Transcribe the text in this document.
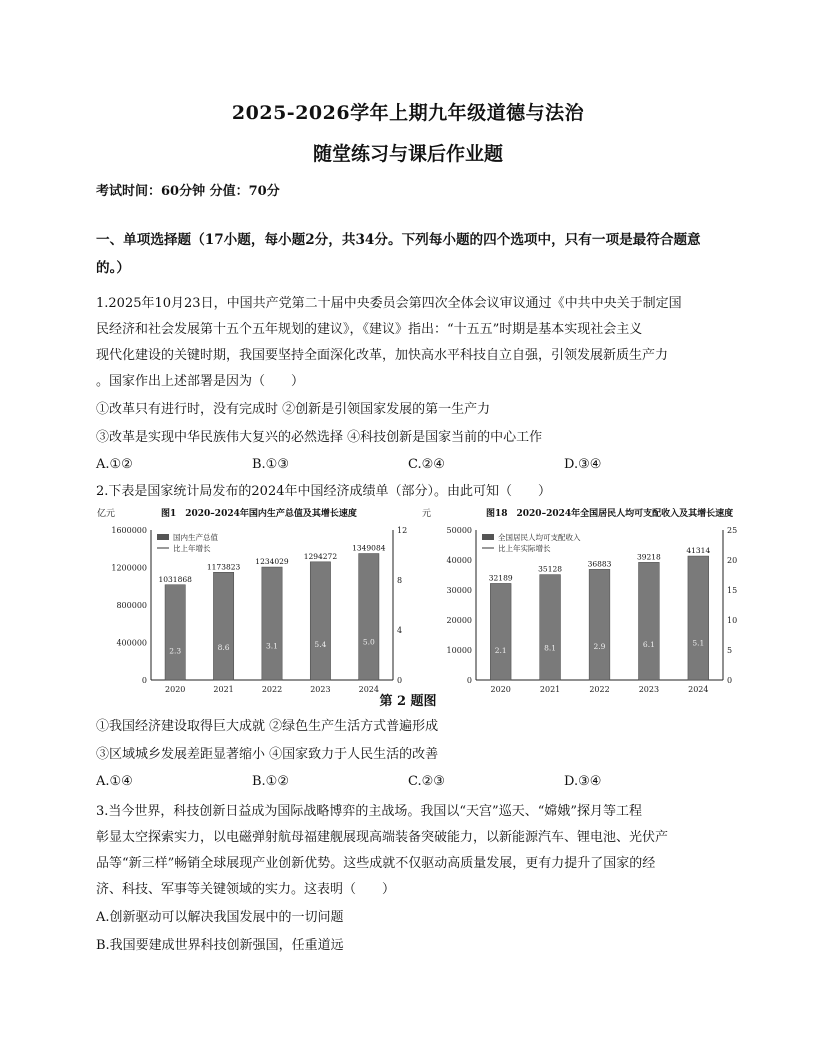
2025-2026学年上期九年级道德与法治
随堂练习与课后作业题
考试时间：60分钟 分值：70分
一、单项选择题（17小题，每小题2分，共34分。下列每小题的四个选项中，只有一项是最符合题意的。）
1.2025年10月23日，中国共产党第二十届中央委员会第四次全体会议审议通过《中共中央关于制定国
民经济和社会发展第十五个五年规划的建议》，《建议》指出：“十五五”时期是基本实现社会主义
现代化建设的关键时期，我国要坚持全面深化改革，加快高水平科技自立自强，引领发展新质生产力
。国家作出上述部署是因为（　　）
①改革只有进行时，没有完成时 ②创新是引领国家发展的第一生产力
③改革是实现中华民族伟大复兴的必然选择 ④科技创新是国家当前的中心工作
A.①②	B.①③	C.②④	D.③④
2.下表是国家统计局发布的2024年中国经济成绩单（部分）。由此可知（　　）
图1　2020–2024年国内生产总值及其增长速度
亿元
国内生产总值
比上年增长
0
400000
800000
1200000
1600000
0
4
8
12
1031868
2.3
2020
1173823
8.6
2021
1234029
3.1
2022
1294272
5.4
2023
1349084
5.0
2024
图18　2020–2024年全国居民人均可支配收入及其增长速度
元
全国居民人均可支配收入
比上年实际增长
0
10000
20000
30000
40000
50000
0
5
10
15
20
25
32189
2.1
2020
35128
8.1
2021
36883
2.9
2022
39218
6.1
2023
41314
5.1
2024
第 2 题图
①我国经济建设取得巨大成就 ②绿色生产生活方式普遍形成
③区域城乡发展差距显著缩小 ④国家致力于人民生活的改善
A.①④	B.①②	C.②③	D.③④
3.当今世界，科技创新日益成为国际战略博弈的主战场。我国以“天宫”巡天、“嫦娥”探月等工程
彰显太空探索实力，以电磁弹射航母福建舰展现高端装备突破能力，以新能源汽车、锂电池、光伏产
品等“新三样”畅销全球展现产业创新优势。这些成就不仅驱动高质量发展，更有力提升了国家的经
济、科技、军事等关键领域的实力。这表明（　　）
A.创新驱动可以解决我国发展中的一切问题
B.我国要建成世界科技创新强国，任重道远
